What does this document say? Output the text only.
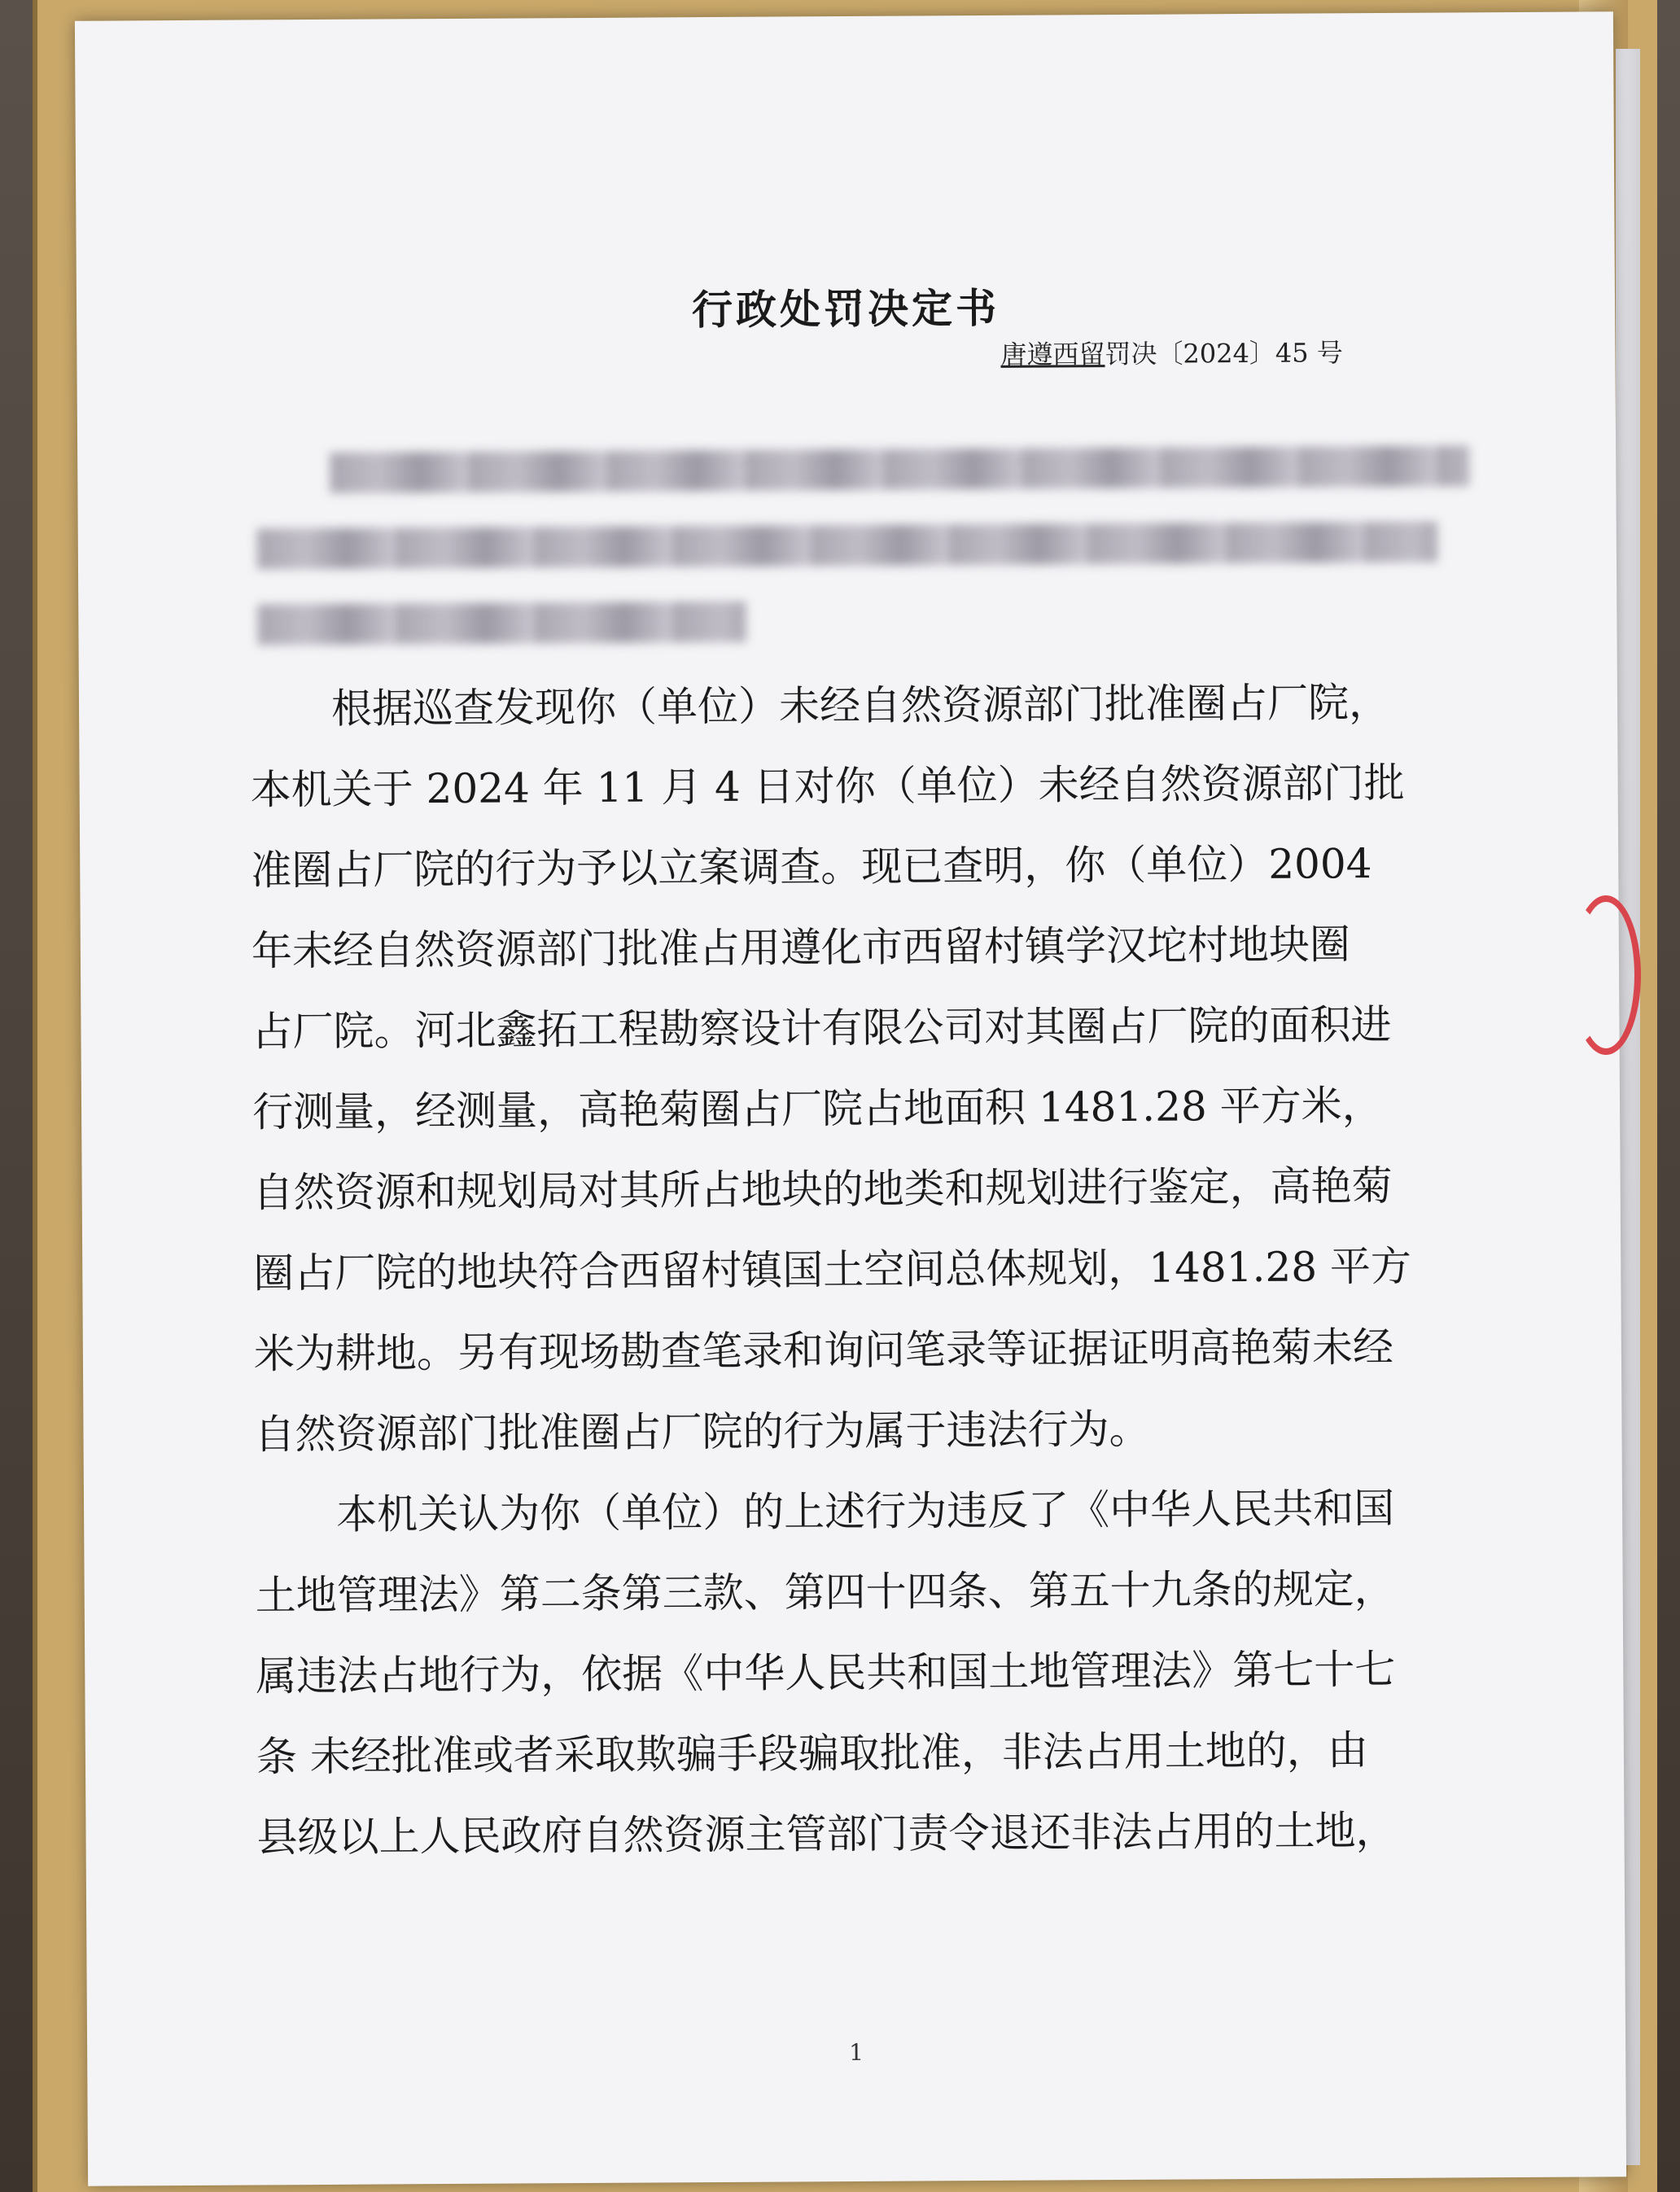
行政处罚决定书
唐遵西留罚决〔2024〕45 号
　　根据巡查发现你（单位）未经自然资源部门批准圈占厂院，
本机关于 2024 年 11 月 4 日对你（单位）未经自然资源部门批
准圈占厂院的行为予以立案调查。现已查明，你（单位）2004
年未经自然资源部门批准占用遵化市西留村镇学汉坨村地块圈
占厂院。河北鑫拓工程勘察设计有限公司对其圈占厂院的面积进
行测量，经测量，高艳菊圈占厂院占地面积 1481.28 平方米，
自然资源和规划局对其所占地块的地类和规划进行鉴定，高艳菊
圈占厂院的地块符合西留村镇国土空间总体规划，1481.28 平方
米为耕地。另有现场勘查笔录和询问笔录等证据证明高艳菊未经
自然资源部门批准圈占厂院的行为属于违法行为。
　　本机关认为你（单位）的上述行为违反了《中华人民共和国
土地管理法》第二条第三款、第四十四条、第五十九条的规定，
属违法占地行为，依据《中华人民共和国土地管理法》第七十七
条 未经批准或者采取欺骗手段骗取批准，非法占用土地的，由
县级以上人民政府自然资源主管部门责令退还非法占用的土地，
1
